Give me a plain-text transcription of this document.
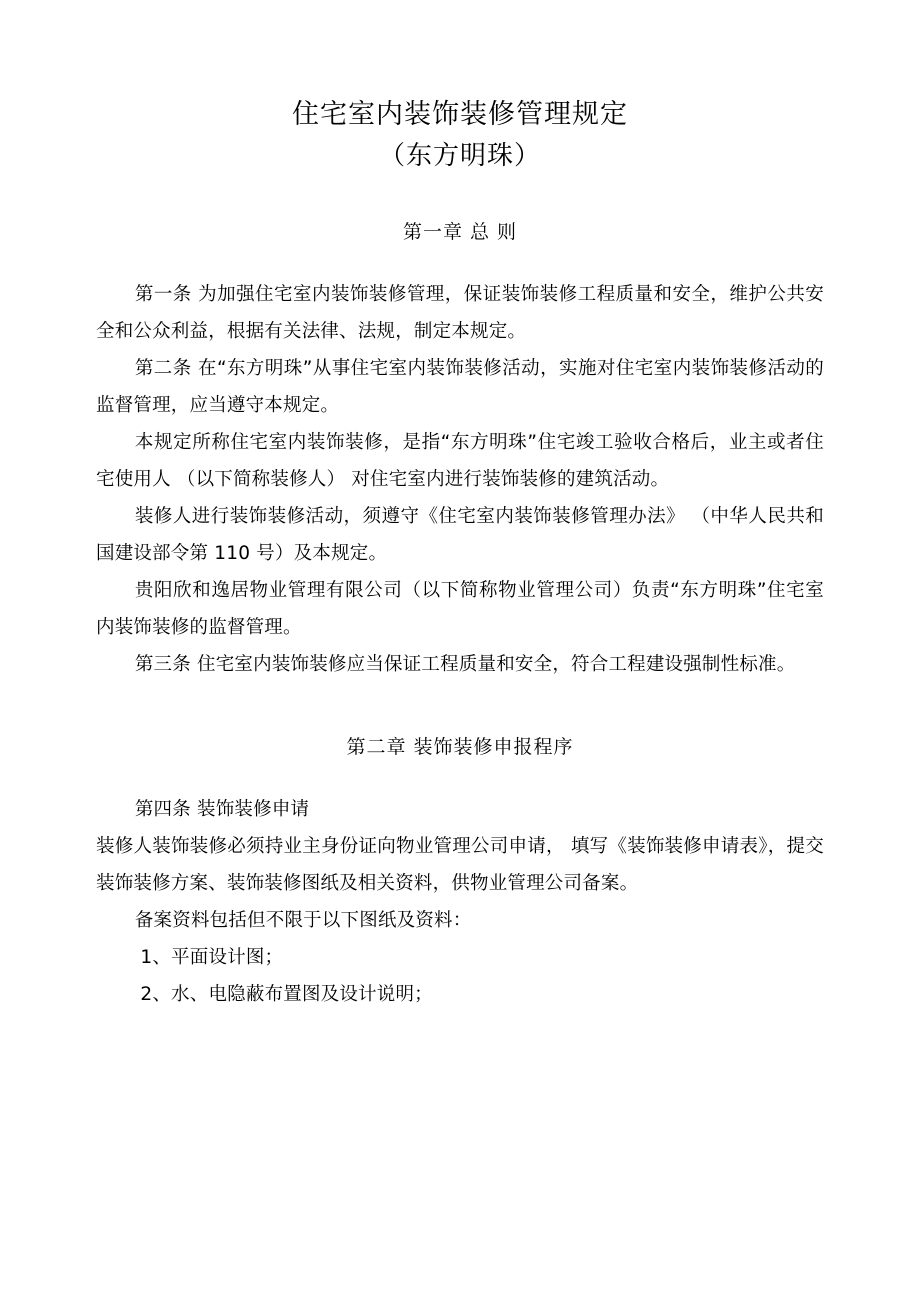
住宅室内装饰装修管理规定
（东方明珠）
第一章 总 则

第一条 为加强住宅室内装饰装修管理，保证装饰装修工程质量和安全，维护公共安全和公众利益，根据有关法律、法规，制定本规定。

第二条 在“东方明珠”从事住宅室内装饰装修活动，实施对住宅室内装饰装修活动的监督管理，应当遵守本规定。

本规定所称住宅室内装饰装修，是指“东方明珠”住宅竣工验收合格后，业主或者住宅使用人 （以下简称装修人） 对住宅室内进行装饰装修的建筑活动。

装修人进行装饰装修活动，须遵守《住宅室内装饰装修管理办法》 （中华人民共和国建设部令第 110 号）及本规定。

贵阳欣和逸居物业管理有限公司（以下简称物业管理公司）负责“东方明珠”住宅室内装饰装修的监督管理。

第三条 住宅室内装饰装修应当保证工程质量和安全，符合工程建设强制性标准。

第二章 装饰装修申报程序

第四条 装饰装修申请

装修人装饰装修必须持业主身份证向物业管理公司申请， 填写《装饰装修申请表》，提交装饰装修方案、装饰装修图纸及相关资料，供物业管理公司备案。

备案资料包括但不限于以下图纸及资料：

1、平面设计图；

2、水、电隐蔽布置图及设计说明；
